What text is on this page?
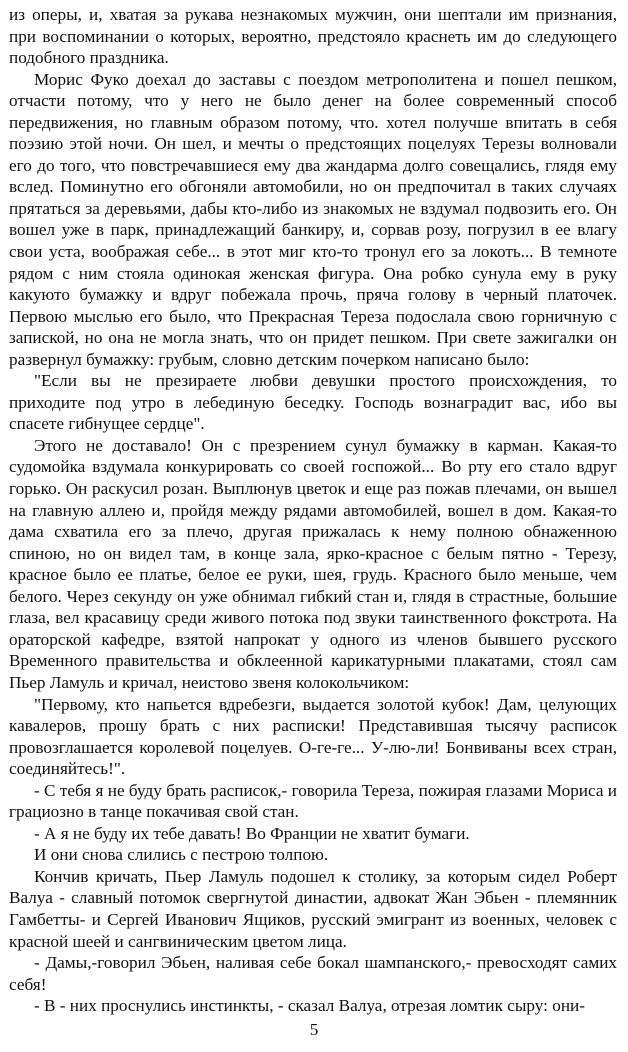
из оперы, и, хватая за рукава незнакомых мужчин, они шептали им признания, при воспоминании о которых, вероятно, предстояло краснеть им до следующего подобного праздника.

Морис Фуко доехал до заставы с поездом метрополитена и пошел пешком, отчасти потому, что у него не было денег на более современный способ передвижения, но главным образом потому, что. хотел получше впитать в себя поэзию этой ночи. Он шел, и мечты о предстоящих поцелуях Терезы волновали его до того, что повстречавшиеся ему два жандарма долго совещались, глядя ему вслед. Поминутно его обгоняли автомобили, но он предпочитал в таких случаях прятаться за деревьями, дабы кто-либо из знакомых не вздумал подвозить его. Он вошел уже в парк, принадлежащий банкиру, и, сорвав розу, погрузил в ее влагу свои уста, воображая себе... в этот миг кто-то тронул его за локоть... В темноте рядом с ним стояла одинокая женская фигура. Она робко сунула ему в руку какуюто бумажку и вдруг побежала прочь, пряча голову в черный платочек. Первою мыслью его было, что Прекрасная Тереза подослала свою горничную с запиской, но она не могла знать, что он придет пешком. При свете зажигалки он развернул бумажку: грубым, словно детским почерком написано было:

"Если вы не презираете любви девушки простого происхождения, то приходите под утро в лебединую беседку. Господь вознаградит вас, ибо вы спасете гибнущее сердце".

Этого не доставало! Он с презрением сунул бумажку в карман. Какая-то судомойка вздумала конкурировать со своей госпожой... Во рту его стало вдруг горько. Он раскусил розан. Выплюнув цветок и еще раз пожав плечами, он вышел на главную аллею и, пройдя между рядами автомобилей, вошел в дом. Какая-то дама схватила его за плечо, другая прижалась к нему полною обнаженною спиною, но он видел там, в конце зала, ярко-красное с белым пятно - Терезу, красное было ее платье, белое ее руки, шея, грудь. Красного было меньше, чем белого. Через секунду он уже обнимал гибкий стан и, глядя в страстные, большие глаза, вел красавицу среди живого потока под звуки таинственного фокстрота. На ораторской кафедре, взятой напрокат у одного из членов бывшего русского Временного правительства и обклеенной карикатурными плакатами, стоял сам Пьер Ламуль и кричал, неистово звеня колокольчиком:

"Первому, кто напьется вдребезги, выдается золотой кубок! Дам, целующих кавалеров, прошу брать с них расписки! Представившая тысячу расписок провозглашается королевой поцелуев. О-ге-ге... У-лю-ли! Бонвиваны всех стран, соединяйтесь!".

- С тебя я не буду брать расписок,- говорила Тереза, пожирая глазами Мориса и грациозно в танце покачивая свой стан.

- А я не буду их тебе давать! Во Франции не хватит бумаги.

И они снова слились с пестрою толпою.

Кончив кричать, Пьер Ламуль подошел к столику, за которым сидел Роберт Валуа - славный потомок свергнутой династии, адвокат Жан Эбьен - племянник Гамбетты- и Сергей Иванович Ящиков, русский эмигрант из военных, человек с красной шеей и сангвиническим цветом лица.

- Дамы,-говорил Эбьен, наливая себе бокал шампанского,- превосходят самих себя!

- В - них проснулись инстинкты, - сказал Валуа, отрезая ломтик сыру: они-

5
